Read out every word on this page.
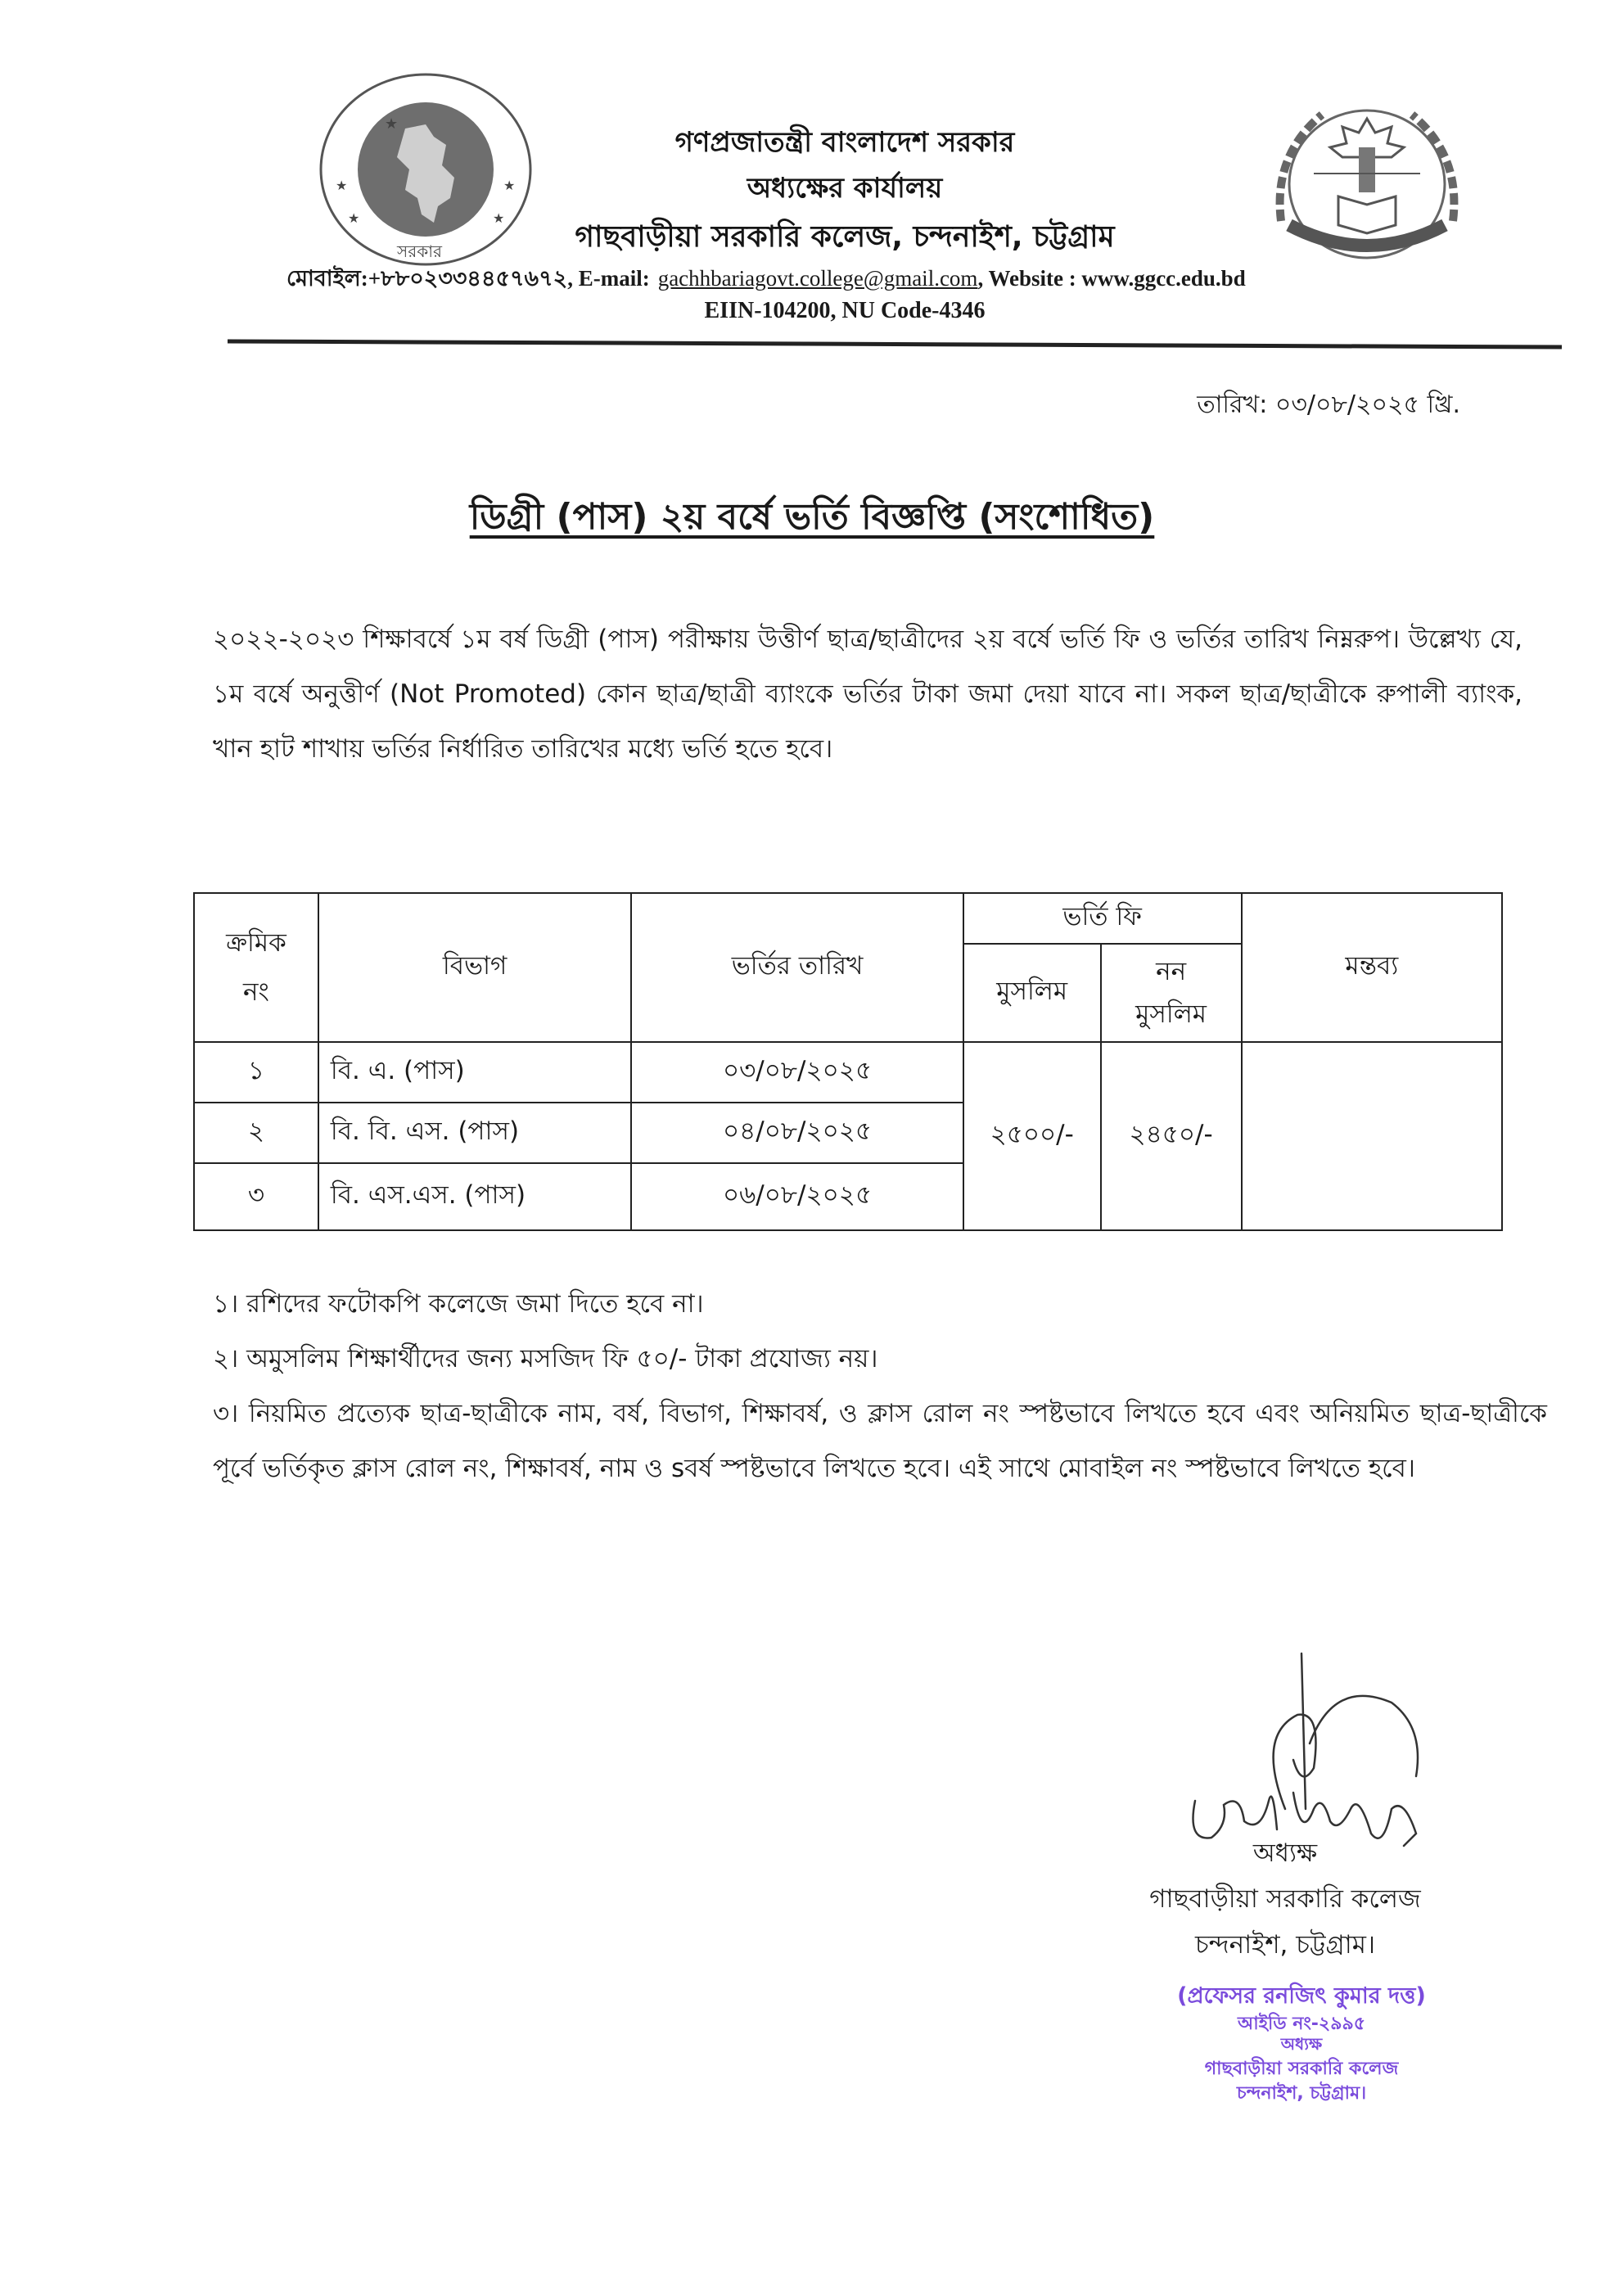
★
★
★
★
★
সরকার
গণপ্রজাতন্ত্রী বাংলাদেশ সরকার
অধ্যক্ষের কার্যালয়
গাছবাড়ীয়া সরকারি কলেজ, চন্দনাইশ, চট্টগ্রাম
মোবাইল:+৮৮০২৩৩৪৪৫৭৬৭২, E-mail: gachhbariagovt.college@gmail.com, Website : www.ggcc.edu.bd
EIIN-104200, NU Code-4346
তারিখ: ০৩/০৮/২০২৫ খ্রি.
ডিগ্রী (পাস) ২য় বর্ষে ভর্তি বিজ্ঞপ্তি (সংশোধিত)
২০২২-২০২৩ শিক্ষাবর্ষে ১ম বর্ষ ডিগ্রী (পাস) পরীক্ষায় উত্তীর্ণ ছাত্র/ছাত্রীদের ২য় বর্ষে ভর্তি ফি ও ভর্তির তারিখ নিম্নরুপ। উল্লেখ্য যে, ১ম বর্ষে অনুত্তীর্ণ (Not Promoted) কোন ছাত্র/ছাত্রী ব্যাংকে ভর্তির টাকা জমা দেয়া যাবে না। সকল ছাত্র/ছাত্রীকে রুপালী ব্যাংক, খান হাট শাখায় ভর্তির নির্ধারিত তারিখের মধ্যে ভর্তি হতে হবে।
ক্রমিক নং	বিভাগ	ভর্তির তারিখ	ভর্তি ফি		মন্তব্য
			মুসলিম	নন মুসলিম	
১	বি. এ. (পাস)	০৩/০৮/২০২৫	২৫০০/-	২৪৫০/-	
২	বি. বি. এস. (পাস)	০৪/০৮/২০২৫			
৩	বি. এস.এস. (পাস)	০৬/০৮/২০২৫			

১। রশিদের ফটোকপি কলেজে জমা দিতে হবে না।

২। অমুসলিম শিক্ষার্থীদের জন্য মসজিদ ফি ৫০/- টাকা প্রযোজ্য নয়।

৩। নিয়মিত প্রত্যেক ছাত্র-ছাত্রীকে নাম, বর্ষ, বিভাগ, শিক্ষাবর্ষ, ও ক্লাস রোল নং স্পষ্টভাবে লিখতে হবে এবং অনিয়মিত ছাত্র-ছাত্রীকে পূর্বে ভর্তিকৃত ক্লাস রোল নং, শিক্ষাবর্ষ, নাম ও sবর্ষ স্পষ্টভাবে লিখতে হবে। এই সাথে মোবাইল নং স্পষ্টভাবে লিখতে হবে।

অধ্যক্ষ
গাছবাড়ীয়া সরকারি কলেজ
চন্দনাইশ, চট্টগ্রাম।
(প্রফেসর রনজিৎ কুমার দত্ত)
আইডি নং-২৯৯৫
অধ্যক্ষ
গাছবাড়ীয়া সরকারি কলেজ
চন্দনাইশ, চট্টগ্রাম।
